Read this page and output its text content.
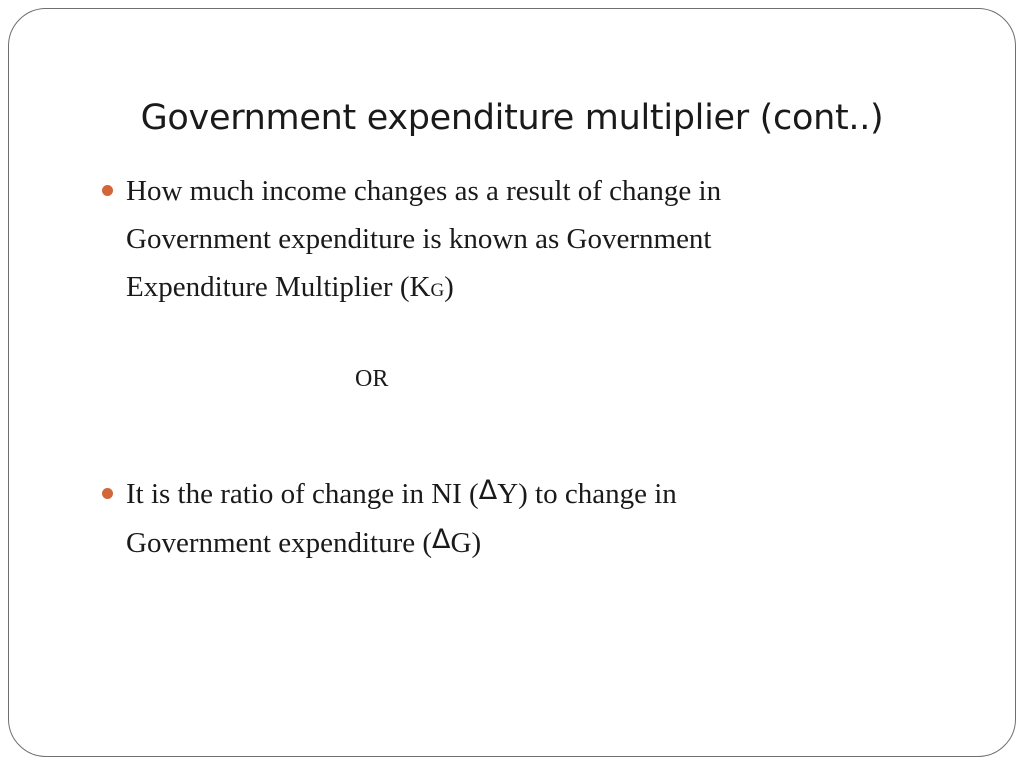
Government expenditure multiplier (cont..)
How much income changes as a result of change in
Government expenditure is known as Government
Expenditure Multiplier (KG)
OR
It is the ratio of change in NI (ΔY) to change in
Government expenditure (ΔG)
